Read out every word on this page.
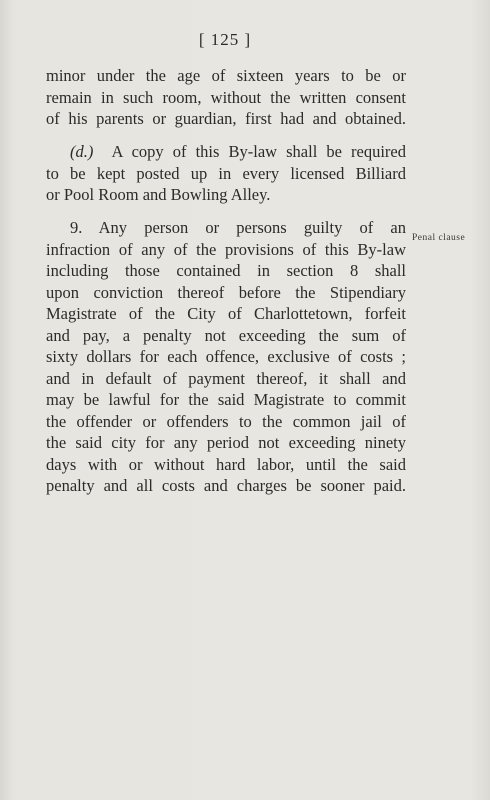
[ 125 ]
minor under the age of sixteen years to be or
remain in such room, without the written consent
of his parents or guardian, first had and obtained.
(d.) A copy of this By-law shall be required
to be kept posted up in every licensed Billiard
or Pool Room and Bowling Alley.
9. Any person or persons guilty of an
infraction of any of the provisions of this By-law
including those contained in section 8 shall
upon conviction thereof before the Stipendiary
Magistrate of the City of Charlottetown, forfeit
and pay, a penalty not exceeding the sum of
sixty dollars for each offence, exclusive of costs ;
and in default of payment thereof, it shall and
may be lawful for the said Magistrate to commit
the offender or offenders to the common jail of
the said city for any period not exceeding ninety
days with or without hard labor, until the said
penalty and all costs and charges be sooner paid.
Penal clause
